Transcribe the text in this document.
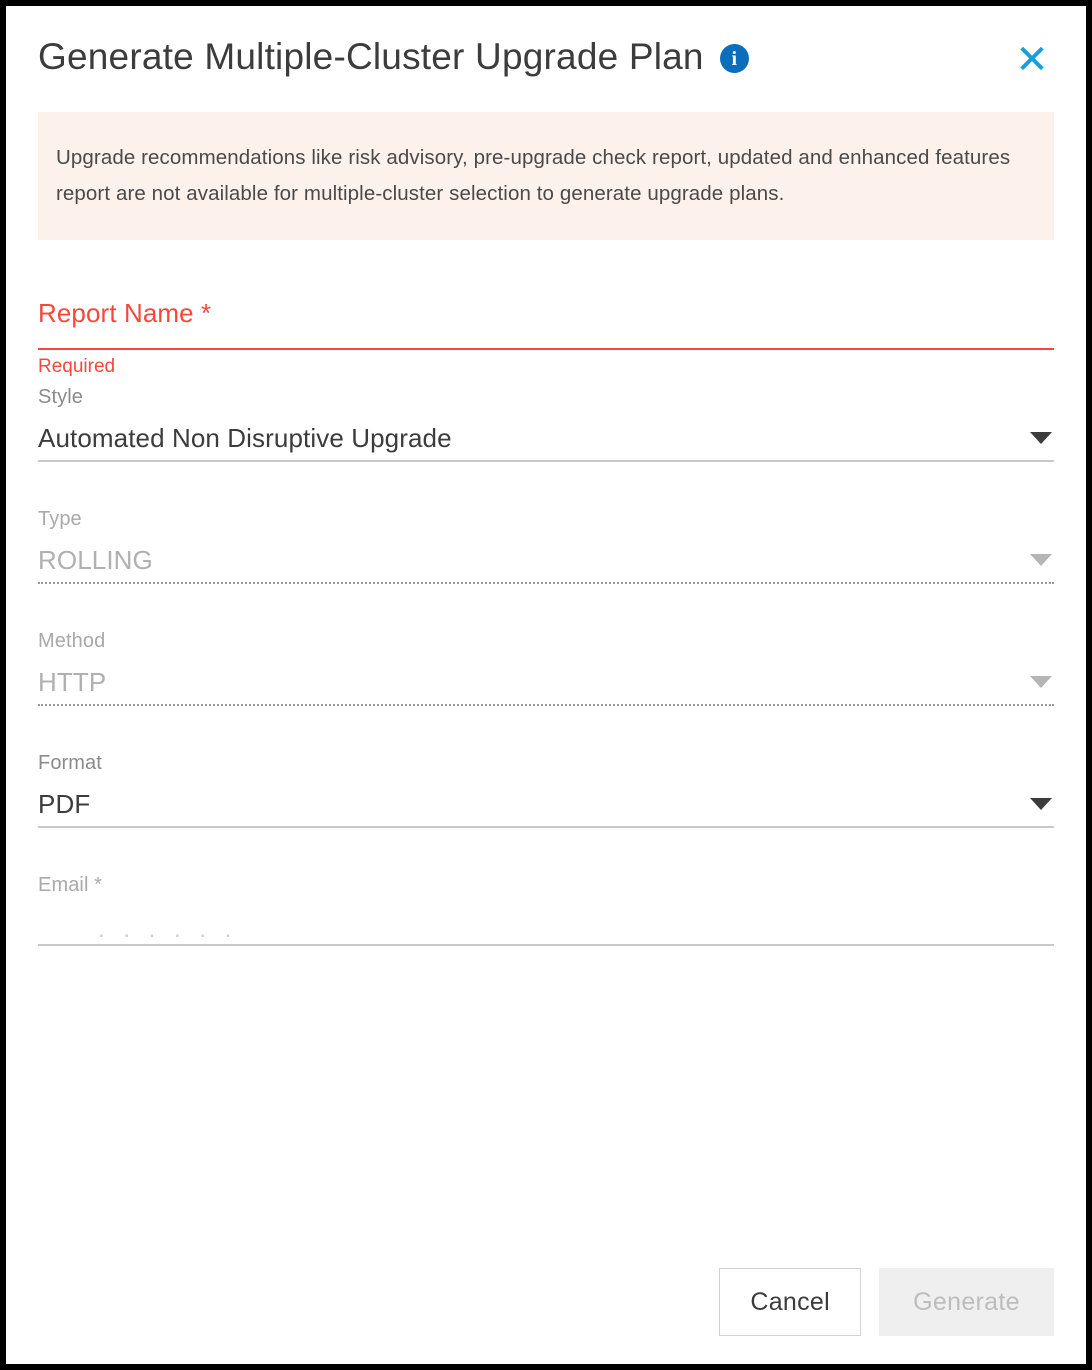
Generate Multiple-Cluster Upgrade Plan	i	✕

Upgrade recommendations like risk advisory, pre-upgrade check report, updated and enhanced features report are not available for multiple-cluster selection to generate upgrade plans.

Report Name *
Required
Style
Automated Non Disruptive Upgrade
Type
ROLLING
Method
HTTP
Format
PDF
Email *
. . . . . .
Cancel	Generate
